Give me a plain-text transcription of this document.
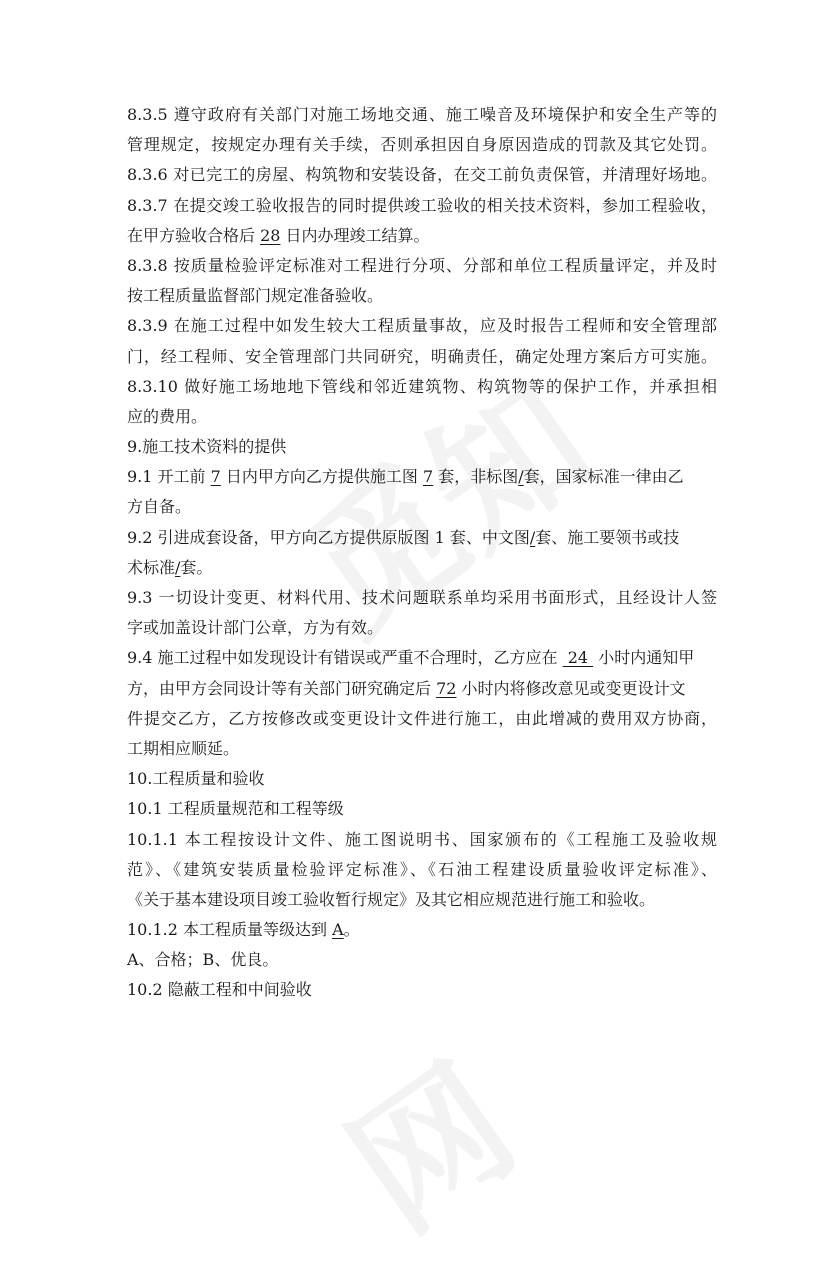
8.3.5 遵守政府有关部门对施工场地交通、施工噪音及环境保护和安全生产等的
管理规定，按规定办理有关手续，否则承担因自身原因造成的罚款及其它处罚。
8.3.6 对已完工的房屋、构筑物和安装设备，在交工前负责保管，并清理好场地。
8.3.7 在提交竣工验收报告的同时提供竣工验收的相关技术资料，参加工程验收，
在甲方验收合格后 28 日内办理竣工结算。
8.3.8 按质量检验评定标准对工程进行分项、分部和单位工程质量评定，并及时
按工程质量监督部门规定准备验收。
8.3.9 在施工过程中如发生较大工程质量事故，应及时报告工程师和安全管理部
门，经工程师、安全管理部门共同研究，明确责任，确定处理方案后方可实施。
8.3.10 做好施工场地地下管线和邻近建筑物、构筑物等的保护工作，并承担相
应的费用。
9.施工技术资料的提供
9.1 开工前 7 日内甲方向乙方提供施工图 7 套，非标图/套，国家标准一律由乙
方自备。
9.2 引进成套设备，甲方向乙方提供原版图 1 套、中文图/套、施工要领书或技
术标准/套。
9.3 一切设计变更、材料代用、技术问题联系单均采用书面形式，且经设计人签
字或加盖设计部门公章，方为有效。
9.4 施工过程中如发现设计有错误或严重不合理时，乙方应在  24  小时内通知甲
方，由甲方会同设计等有关部门研究确定后 72 小时内将修改意见或变更设计文
件提交乙方，乙方按修改或变更设计文件进行施工，由此增减的费用双方协商，
工期相应顺延。
10.工程质量和验收
10.1 工程质量规范和工程等级
10.1.1 本工程按设计文件、施工图说明书、国家颁布的《工程施工及验收规
范》、《建筑安装质量检验评定标准》、《石油工程建设质量验收评定标准》、
《关于基本建设项目竣工验收暂行规定》及其它相应规范进行施工和验收。
10.1.2 本工程质量等级达到 A。
A、合格；B、优良。
10.2 隐蔽工程和中间验收
